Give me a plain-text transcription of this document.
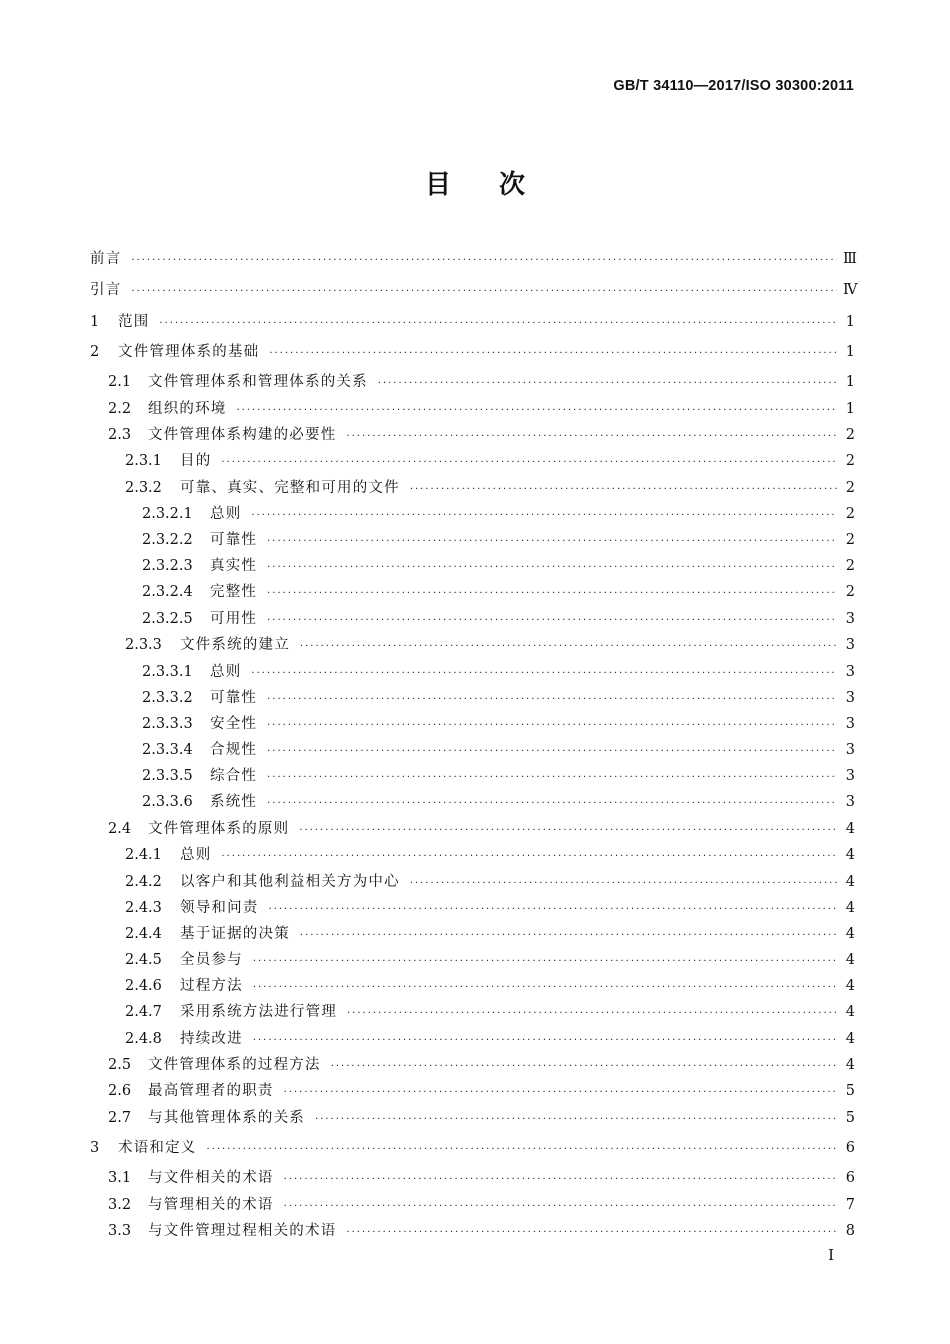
GB/T 34110—2017/ISO 30300:2011
目次
前言 ·····	Ⅲ
引言 ·····	Ⅳ
1	范围 ·····	1
2	文件管理体系的基础 ·····	1
2.1	文件管理体系和管理体系的关系 ·····	1
2.2	组织的环境 ·····	1
2.3	文件管理体系构建的必要性 ·····	2
2.3.1	目的 ·····	2
2.3.2	可靠、真实、完整和可用的文件 ·····	2
2.3.2.1	总则 ·····	2
2.3.2.2	可靠性 ·····	2
2.3.2.3	真实性 ·····	2
2.3.2.4	完整性 ·····	2
2.3.2.5	可用性 ·····	3
2.3.3	文件系统的建立 ·····	3
2.3.3.1	总则 ·····	3
2.3.3.2	可靠性 ·····	3
2.3.3.3	安全性 ·····	3
2.3.3.4	合规性 ·····	3
2.3.3.5	综合性 ·····	3
2.3.3.6	系统性 ·····	3
2.4	文件管理体系的原则 ·····	4
2.4.1	总则 ·····	4
2.4.2	以客户和其他利益相关方为中心 ·····	4
2.4.3	领导和问责 ·····	4
2.4.4	基于证据的决策 ·····	4
2.4.5	全员参与 ·····	4
2.4.6	过程方法 ·····	4
2.4.7	采用系统方法进行管理 ·····	4
2.4.8	持续改进 ·····	4
2.5	文件管理体系的过程方法 ·····	4
2.6	最高管理者的职责 ·····	5
2.7	与其他管理体系的关系 ·····	5
3	术语和定义 ·····	6
3.1	与文件相关的术语 ·····	6
3.2	与管理相关的术语 ·····	7
3.3	与文件管理过程相关的术语 ·····	8
I
